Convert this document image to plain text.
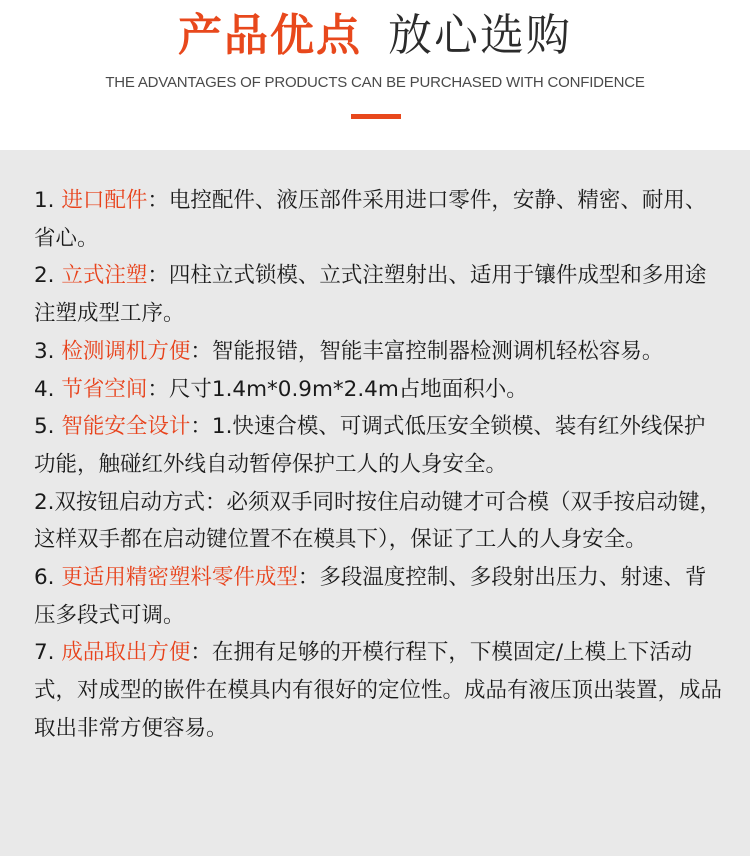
产品优点 放心选购
THE ADVANTAGES OF PRODUCTS CAN BE PURCHASED WITH CONFIDENCE

1. 进口配件：电控配件、液压部件采用进口零件，安静、精密、耐用、省心。

2. 立式注塑：四柱立式锁模、立式注塑射出、适用于镶件成型和多用途注塑成型工序。

3. 检测调机方便：智能报错，智能丰富控制器检测调机轻松容易。

4. 节省空间：尺寸1.4m*0.9m*2.4m占地面积小。

5. 智能安全设计：1.快速合模、可调式低压安全锁模、装有红外线保护功能，触碰红外线自动暂停保护工人的人身安全。

2.双按钮启动方式：必须双手同时按住启动键才可合模（双手按启动键，这样双手都在启动键位置不在模具下），保证了工人的人身安全。

6. 更适用精密塑料零件成型：多段温度控制、多段射出压力、射速、背压多段式可调。

7. 成品取出方便：在拥有足够的开模行程下，下模固定/上模上下活动式，对成型的嵌件在模具内有很好的定位性。成品有液压顶出装置，成品取出非常方便容易。
